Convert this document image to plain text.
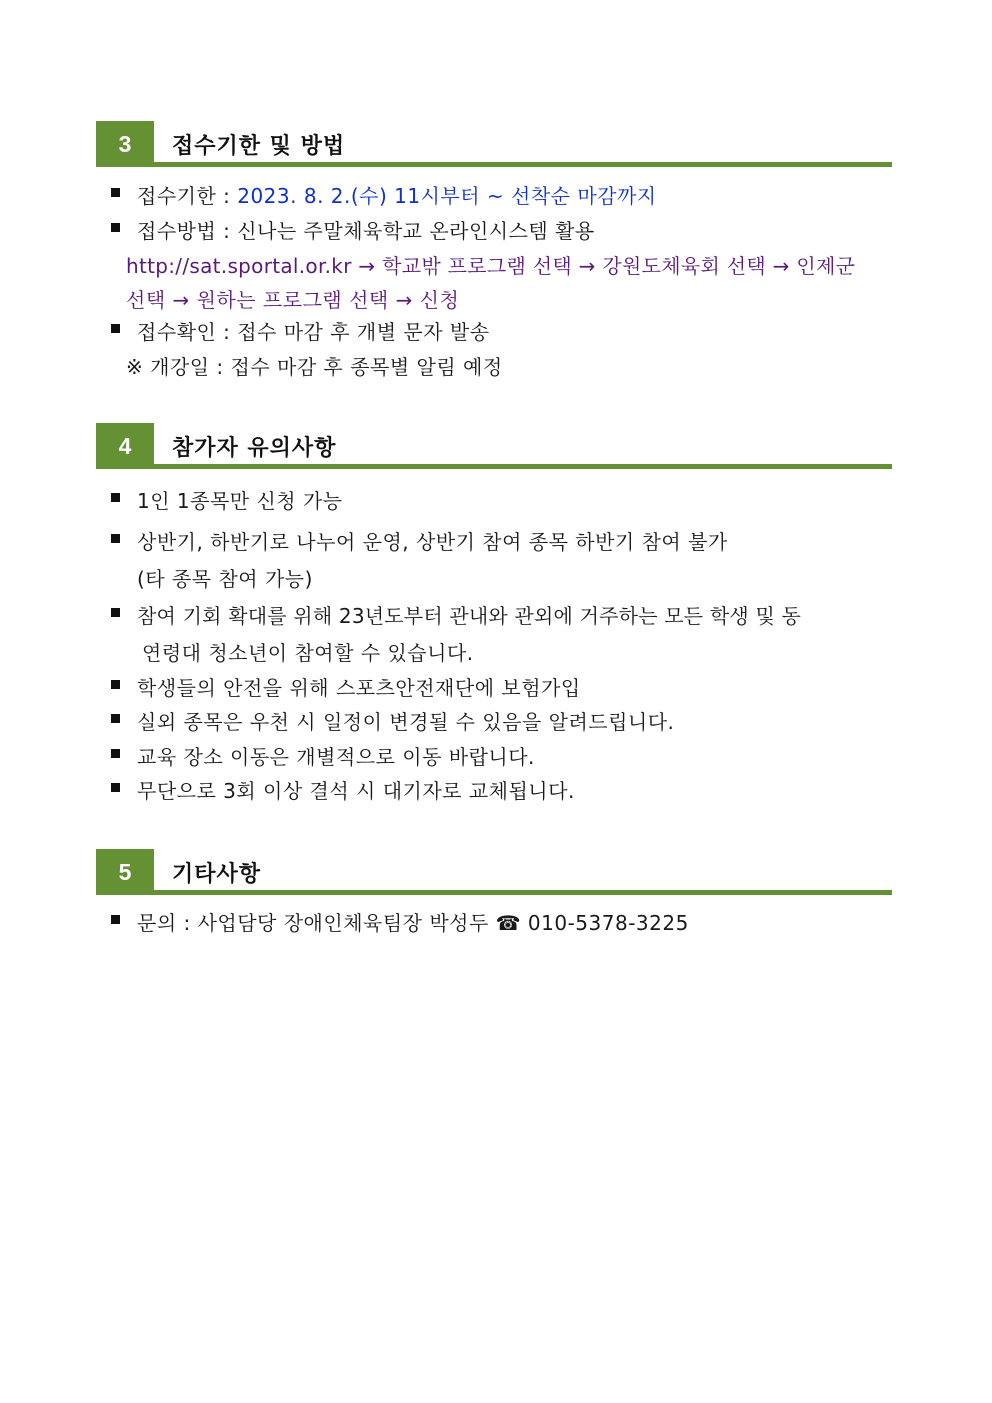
3	접수기한 및 방법
접수기한 : 2023. 8. 2.(수) 11시부터 ~ 선착순 마감까지
접수방법 : 신나는 주말체육학교 온라인시스템 활용
http://sat.sportal.or.kr → 학교밖 프로그램 선택 → 강원도체육회 선택 → 인제군
선택 → 원하는 프로그램 선택 → 신청
접수확인 : 접수 마감 후 개별 문자 발송
※ 개강일 : 접수 마감 후 종목별 알림 예정
4	참가자 유의사항
1인 1종목만 신청 가능
상반기, 하반기로 나누어 운영, 상반기 참여 종목 하반기 참여 불가
(타 종목 참여 가능)
참여 기회 확대를 위해 23년도부터 관내와 관외에 거주하는 모든 학생 및 동
연령대 청소년이 참여할 수 있습니다.
학생들의 안전을 위해 스포츠안전재단에 보험가입
실외 종목은 우천 시 일정이 변경될 수 있음을 알려드립니다.
교육 장소 이동은 개별적으로 이동 바랍니다.
무단으로 3회 이상 결석 시 대기자로 교체됩니다.
5	기타사항
문의 : 사업담당 장애인체육팀장 박성두 ☎ 010-5378-3225
